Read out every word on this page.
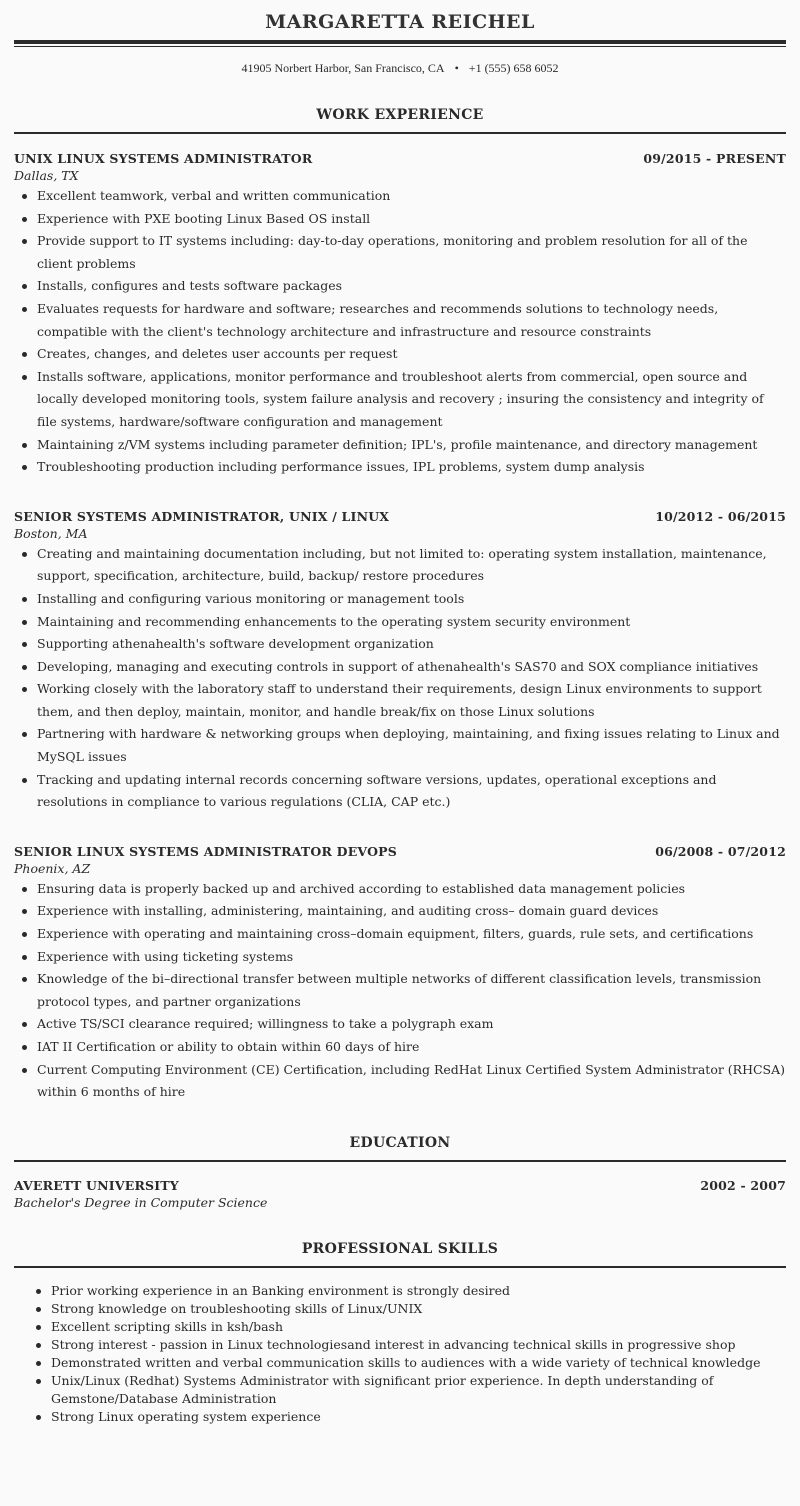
MARGARETTA REICHEL
41905 Norbert Harbor, San Francisco, CA • +1 (555) 658 6052
WORK EXPERIENCE
UNIX LINUX SYSTEMS ADMINISTRATOR	09/2015 - PRESENT
Dallas, TX
Excellent teamwork, verbal and written communication
Experience with PXE booting Linux Based OS install
Provide support to IT systems including: day-to-day operations, monitoring and problem resolution for all of the client problems
Installs, configures and tests software packages
Evaluates requests for hardware and software; researches and recommends solutions to technology needs, compatible with the client's technology architecture and infrastructure and resource constraints
Creates, changes, and deletes user accounts per request
Installs software, applications, monitor performance and troubleshoot alerts from commercial, open source and locally developed monitoring tools, system failure analysis and recovery ; insuring the consistency and integrity of file systems, hardware/software configuration and management
Maintaining z/VM systems including parameter definition; IPL's, profile maintenance, and directory management
Troubleshooting production including performance issues, IPL problems, system dump analysis
SENIOR SYSTEMS ADMINISTRATOR, UNIX / LINUX	10/2012 - 06/2015
Boston, MA
Creating and maintaining documentation including, but not limited to: operating system installation, maintenance, support, specification, architecture, build, backup/ restore procedures
Installing and configuring various monitoring or management tools
Maintaining and recommending enhancements to the operating system security environment
Supporting athenahealth's software development organization
Developing, managing and executing controls in support of athenahealth's SAS70 and SOX compliance initiatives
Working closely with the laboratory staff to understand their requirements, design Linux environments to support them, and then deploy, maintain, monitor, and handle break/fix on those Linux solutions
Partnering with hardware & networking groups when deploying, maintaining, and fixing issues relating to Linux and MySQL issues
Tracking and updating internal records concerning software versions, updates, operational exceptions and resolutions in compliance to various regulations (CLIA, CAP etc.)
SENIOR LINUX SYSTEMS ADMINISTRATOR DEVOPS	06/2008 - 07/2012
Phoenix, AZ
Ensuring data is properly backed up and archived according to established data management policies
Experience with installing, administering, maintaining, and auditing cross– domain guard devices
Experience with operating and maintaining cross–domain equipment, filters, guards, rule sets, and certifications
Experience with using ticketing systems
Knowledge of the bi–directional transfer between multiple networks of different classification levels, transmission protocol types, and partner organizations
Active TS/SCI clearance required; willingness to take a polygraph exam
IAT II Certification or ability to obtain within 60 days of hire
Current Computing Environment (CE) Certification, including RedHat Linux Certified System Administrator (RHCSA) within 6 months of hire
EDUCATION
AVERETT UNIVERSITY	2002 - 2007
Bachelor's Degree in Computer Science
PROFESSIONAL SKILLS
Prior working experience in an Banking environment is strongly desired
Strong knowledge on troubleshooting skills of Linux/UNIX
Excellent scripting skills in ksh/bash
Strong interest - passion in Linux technologiesand interest in advancing technical skills in progressive shop
Demonstrated written and verbal communication skills to audiences with a wide variety of technical knowledge
Unix/Linux (Redhat) Systems Administrator with significant prior experience. In depth understanding of Gemstone/Database Administration
Strong Linux operating system experience
